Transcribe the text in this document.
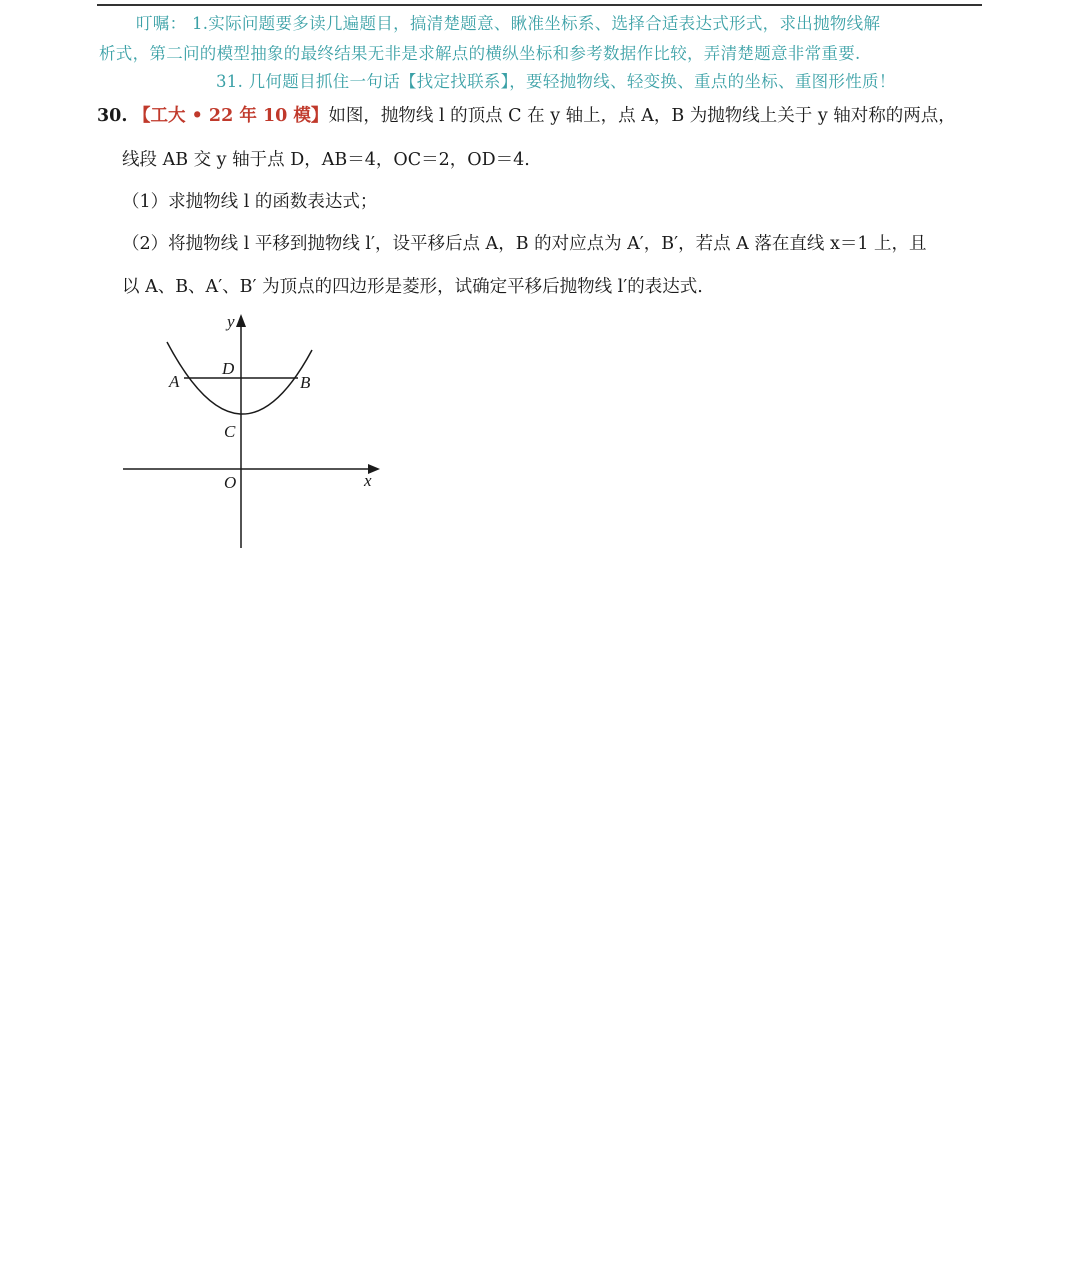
叮嘱： 1.实际问题要多读几遍题目，搞清楚题意、瞅准坐标系、选择合适表达式形式，求出抛物线解
析式，第二问的模型抽象的最终结果无非是求解点的横纵坐标和参考数据作比较，弄清楚题意非常重要.
31. 几何题目抓住一句话【找定找联系】，要轻抛物线、轻变换、重点的坐标、重图形性质！
30. 【工大 • 22 年 10 模】如图，抛物线 l 的顶点 C 在 y 轴上，点 A，B 为抛物线上关于 y 轴对称的两点，
线段 AB 交 y 轴于点 D，AB＝4，OC＝2，OD＝4.
（1）求抛物线 l 的函数表达式；
（2）将抛物线 l 平移到抛物线 l′，设平移后点 A，B 的对应点为 A′，B′，若点 A 落在直线 x＝1 上，且
以 A、B、A′、B′ 为顶点的四边形是菱形，试确定平移后抛物线 l′的表达式.
y
x
O
C
D
A	B
